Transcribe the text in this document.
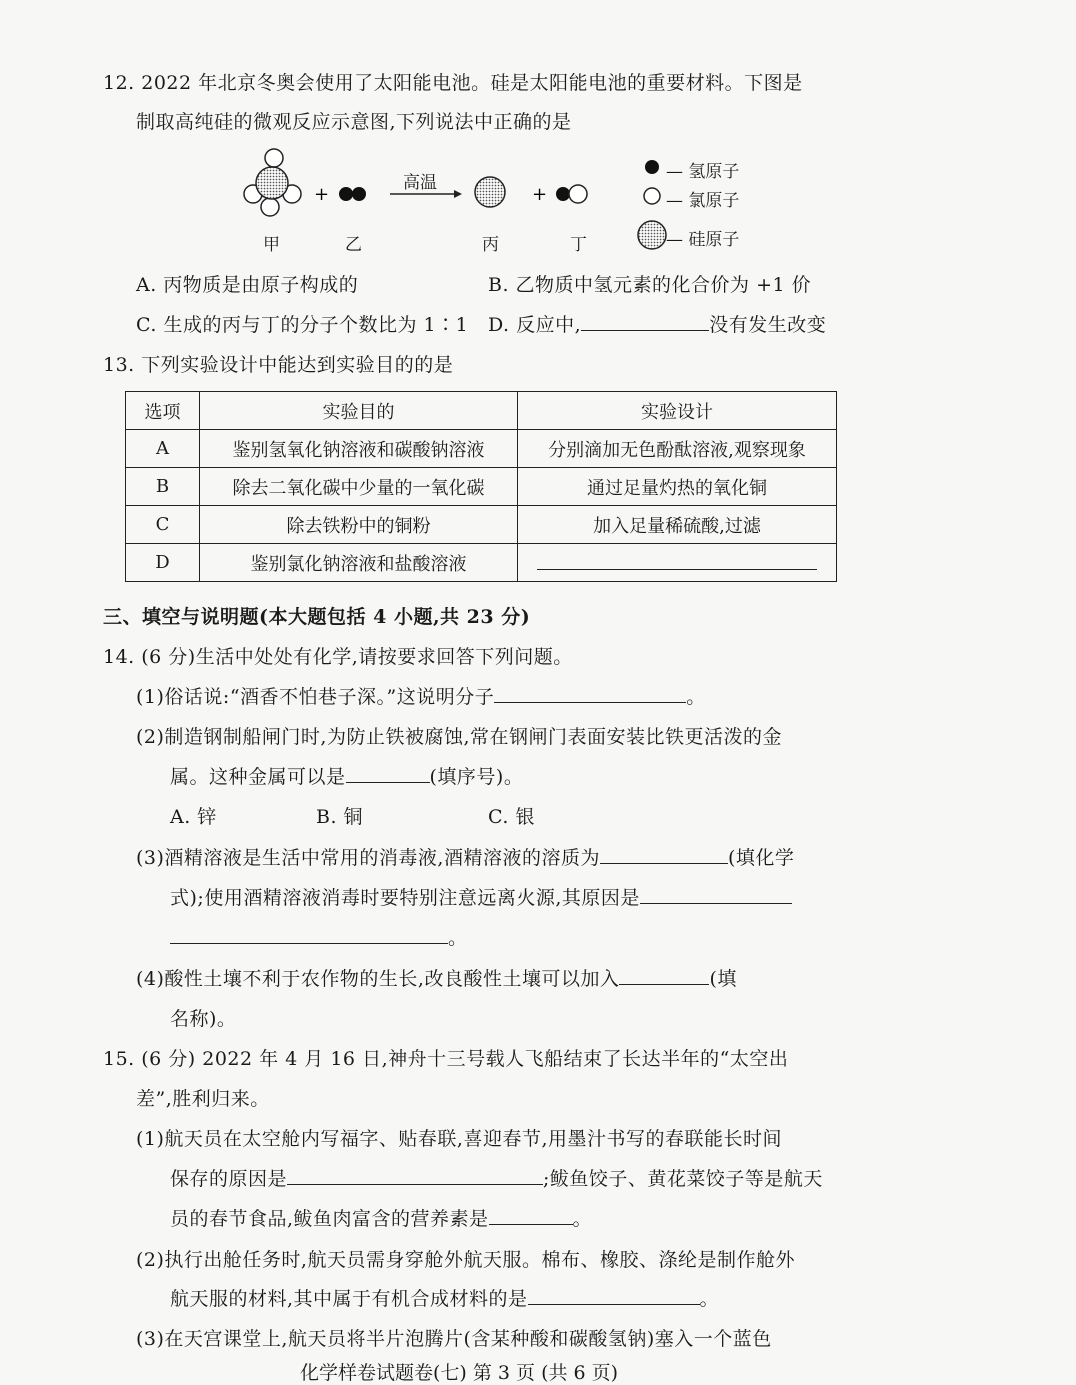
12. 2022 年北京冬奥会使用了太阳能电池。硅是太阳能电池的重要材料。下图是
制取高纯硅的微观反应示意图,下列说法中正确的是
+	+
高温
甲	乙	丙	丁
— 氢原子
— 氯原子
— 硅原子
A. 丙物质是由原子构成的	B. 乙物质中氢元素的化合价为 +1 价
C. 生成的丙与丁的分子个数比为 1∶1 D. 反应中,	没有发生改变
13. 下列实验设计中能达到实验目的的是
选项	实验目的	实验设计
A	鉴别氢氧化钠溶液和碳酸钠溶液	分别滴加无色酚酞溶液,观察现象
B	除去二氧化碳中少量的一氧化碳	通过足量灼热的氧化铜
C	除去铁粉中的铜粉	加入足量稀硫酸,过滤
D	鉴别氯化钠溶液和盐酸溶液	
三、填空与说明题(本大题包括 4 小题,共 23 分)
14. (6 分)生活中处处有化学,请按要求回答下列问题。
(1)俗话说:“酒香不怕巷子深。”这说明分子	。
(2)制造钢制船闸门时,为防止铁被腐蚀,常在钢闸门表面安装比铁更活泼的金
属。这种金属可以是	(填序号)。
A. 锌	B. 铜	C. 银
(3)酒精溶液是生活中常用的消毒液,酒精溶液的溶质为	(填化学
式);使用酒精溶液消毒时要特别注意远离火源,其原因是
。
(4)酸性土壤不利于农作物的生长,改良酸性土壤可以加入	(填
名称)。
15. (6 分) 2022 年 4 月 16 日,神舟十三号载人飞船结束了长达半年的“太空出
差”,胜利归来。
(1)航天员在太空舱内写福字、贴春联,喜迎春节,用墨汁书写的春联能长时间
保存的原因是	;鲅鱼饺子、黄花菜饺子等是航天
员的春节食品,鲅鱼肉富含的营养素是	。
(2)执行出舱任务时,航天员需身穿舱外航天服。棉布、橡胶、涤纶是制作舱外
航天服的材料,其中属于有机合成材料的是	。
(3)在天宫课堂上,航天员将半片泡腾片(含某种酸和碳酸氢钠)塞入一个蓝色
化学样卷试题卷(七) 第 3 页 (共 6 页)
